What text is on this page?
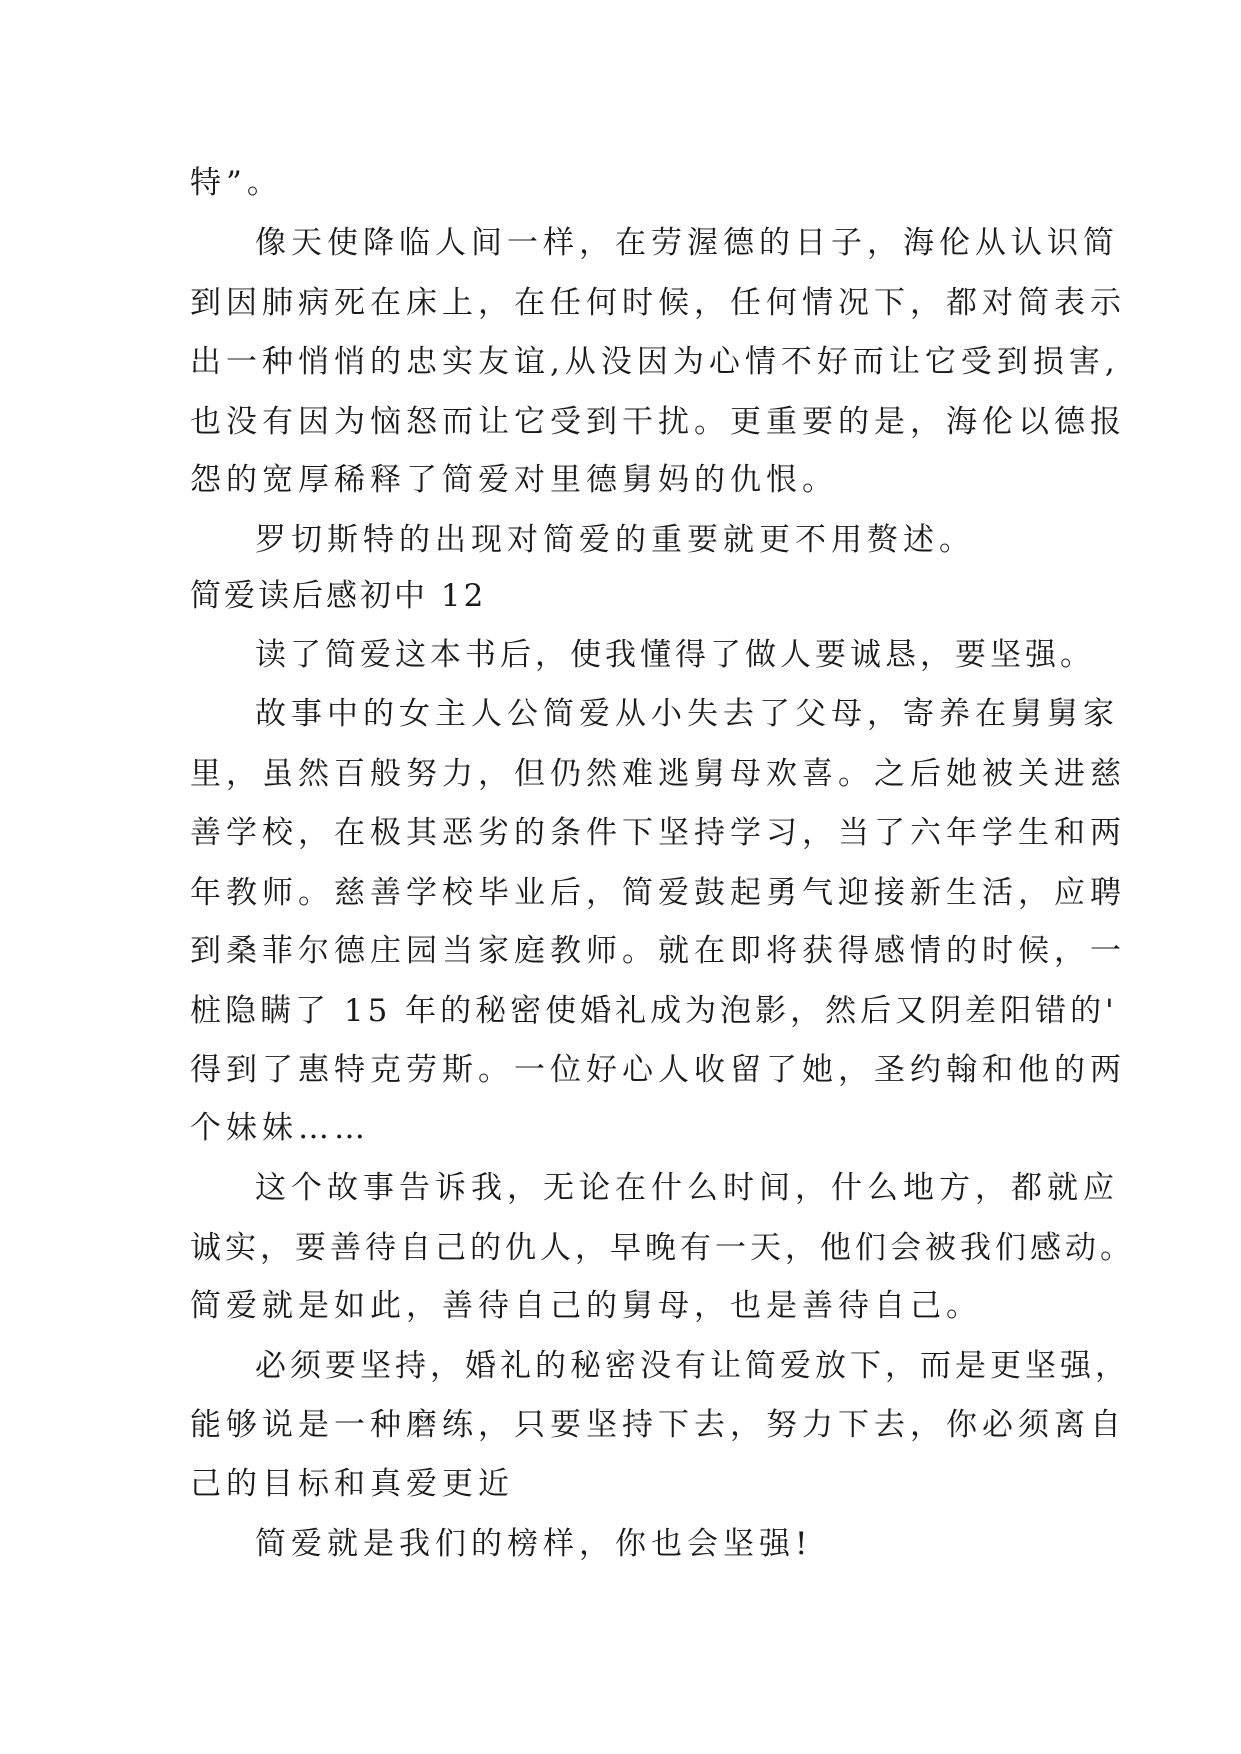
特”。
像天使降临人间一样，在劳渥德的日子，海伦从认识简
到因肺病死在床上，在任何时候，任何情况下，都对简表示
出一种悄悄的忠实友谊,从没因为心情不好而让它受到损害,
也没有因为恼怒而让它受到干扰。更重要的是，海伦以德报
怨的宽厚稀释了简爱对里德舅妈的仇恨。
罗切斯特的出现对简爱的重要就更不用赘述。
简爱读后感初中 12
读了简爱这本书后，使我懂得了做人要诚恳，要坚强。
故事中的女主人公简爱从小失去了父母，寄养在舅舅家
里，虽然百般努力，但仍然难逃舅母欢喜。之后她被关进慈
善学校，在极其恶劣的条件下坚持学习，当了六年学生和两
年教师。慈善学校毕业后，简爱鼓起勇气迎接新生活，应聘
到桑菲尔德庄园当家庭教师。就在即将获得感情的时候，一
桩隐瞒了 15 年的秘密使婚礼成为泡影，然后又阴差阳错的'
得到了惠特克劳斯。一位好心人收留了她，圣约翰和他的两
个妹妹……
这个故事告诉我，无论在什么时间，什么地方，都就应
诚实，要善待自己的仇人，早晚有一天，他们会被我们感动。
简爱就是如此，善待自己的舅母，也是善待自己。
必须要坚持，婚礼的秘密没有让简爱放下，而是更坚强，
能够说是一种磨练，只要坚持下去，努力下去，你必须离自
己的目标和真爱更近
简爱就是我们的榜样，你也会坚强!
